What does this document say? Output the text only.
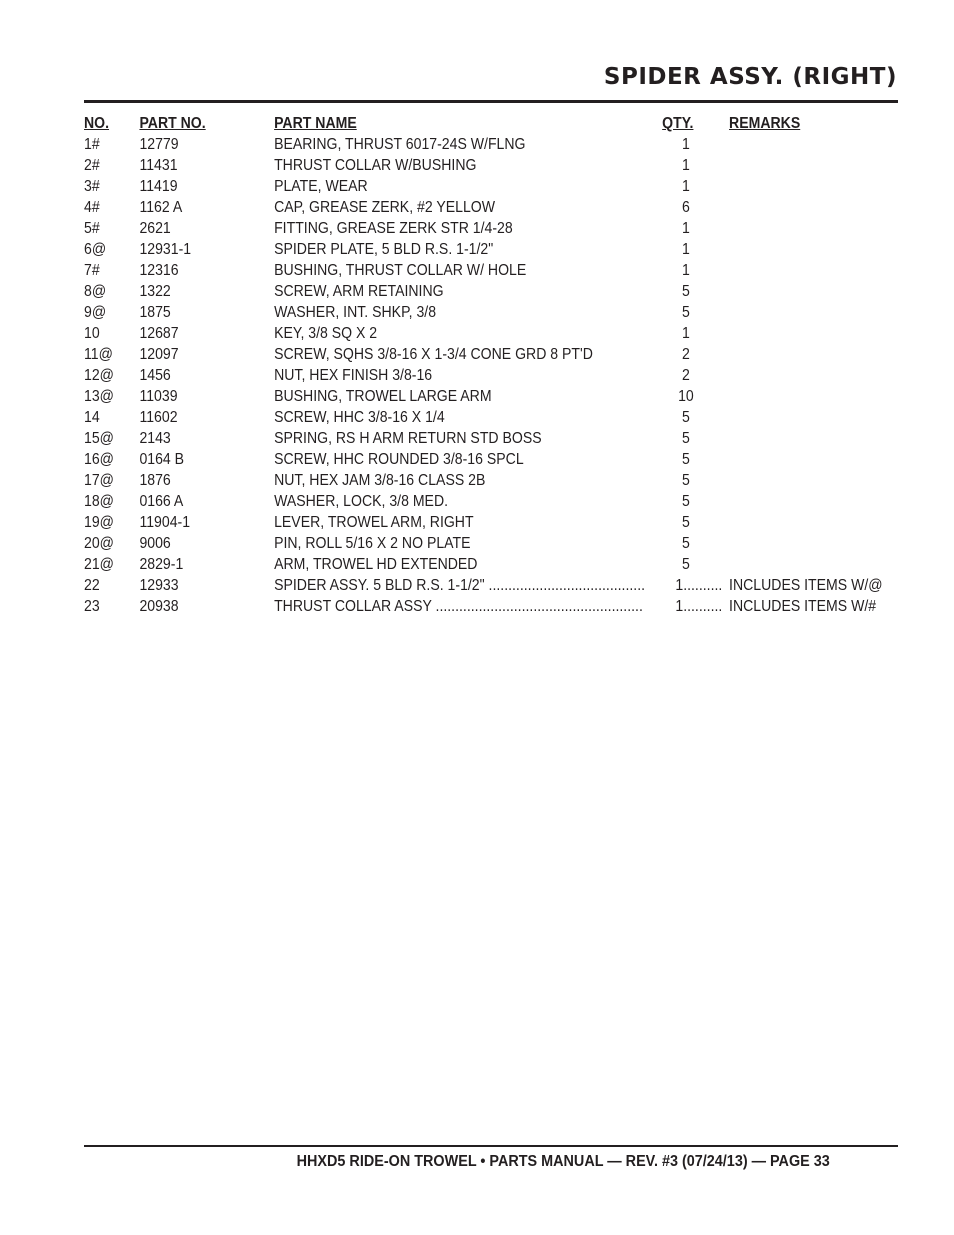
SPIDER ASSY. (RIGHT)
NO. PART NO.	PART NAME	QTY. REMARKS
1# 12779	BEARING, THRUST 6017-24S W/FLNG	1
2# 11431	THRUST COLLAR W/BUSHING	1
3# 11419	PLATE, WEAR	1
4# 1162 A	CAP, GREASE ZERK, #2 YELLOW	6
5# 2621	FITTING, GREASE ZERK STR 1/4-28	1
6@ 12931-1	SPIDER PLATE, 5 BLD R.S. 1-1/2"	1
7# 12316	BUSHING, THRUST COLLAR W/ HOLE	1
8@ 1322	SCREW, ARM RETAINING	5
9@ 1875	WASHER, INT. SHKP, 3/8	5
10 12687	KEY, 3/8 SQ X 2	1
11@ 12097	SCREW, SQHS 3/8-16 X 1-3/4 CONE GRD 8 PT'D	2
12@ 1456	NUT, HEX FINISH 3/8-16	2
13@ 11039	BUSHING, TROWEL LARGE ARM	10
14 11602	SCREW, HHC 3/8-16 X 1/4	5
15@ 2143	SPRING, RS H ARM RETURN STD BOSS	5
16@ 0164 B	SCREW, HHC ROUNDED 3/8-16 SPCL	5
17@ 1876	NUT, HEX JAM 3/8-16 CLASS 2B	5
18@ 0166 A	WASHER, LOCK, 3/8 MED.	5
19@ 11904-1	LEVER, TROWEL ARM, RIGHT	5
20@ 9006	PIN, ROLL 5/16 X 2 NO PLATE	5
21@ 2829-1	ARM, TROWEL HD EXTENDED	5
22 12933	SPIDER ASSY. 5 BLD R.S. 1-1/2" ........................................ 1.......... INCLUDES ITEMS W/@
23 20938	THRUST COLLAR ASSY ..................................................... 1.......... INCLUDES ITEMS W/#
HHXD5 RIDE-ON TROWEL • PARTS MANUAL — REV. #3 (07/24/13) — PAGE 33
